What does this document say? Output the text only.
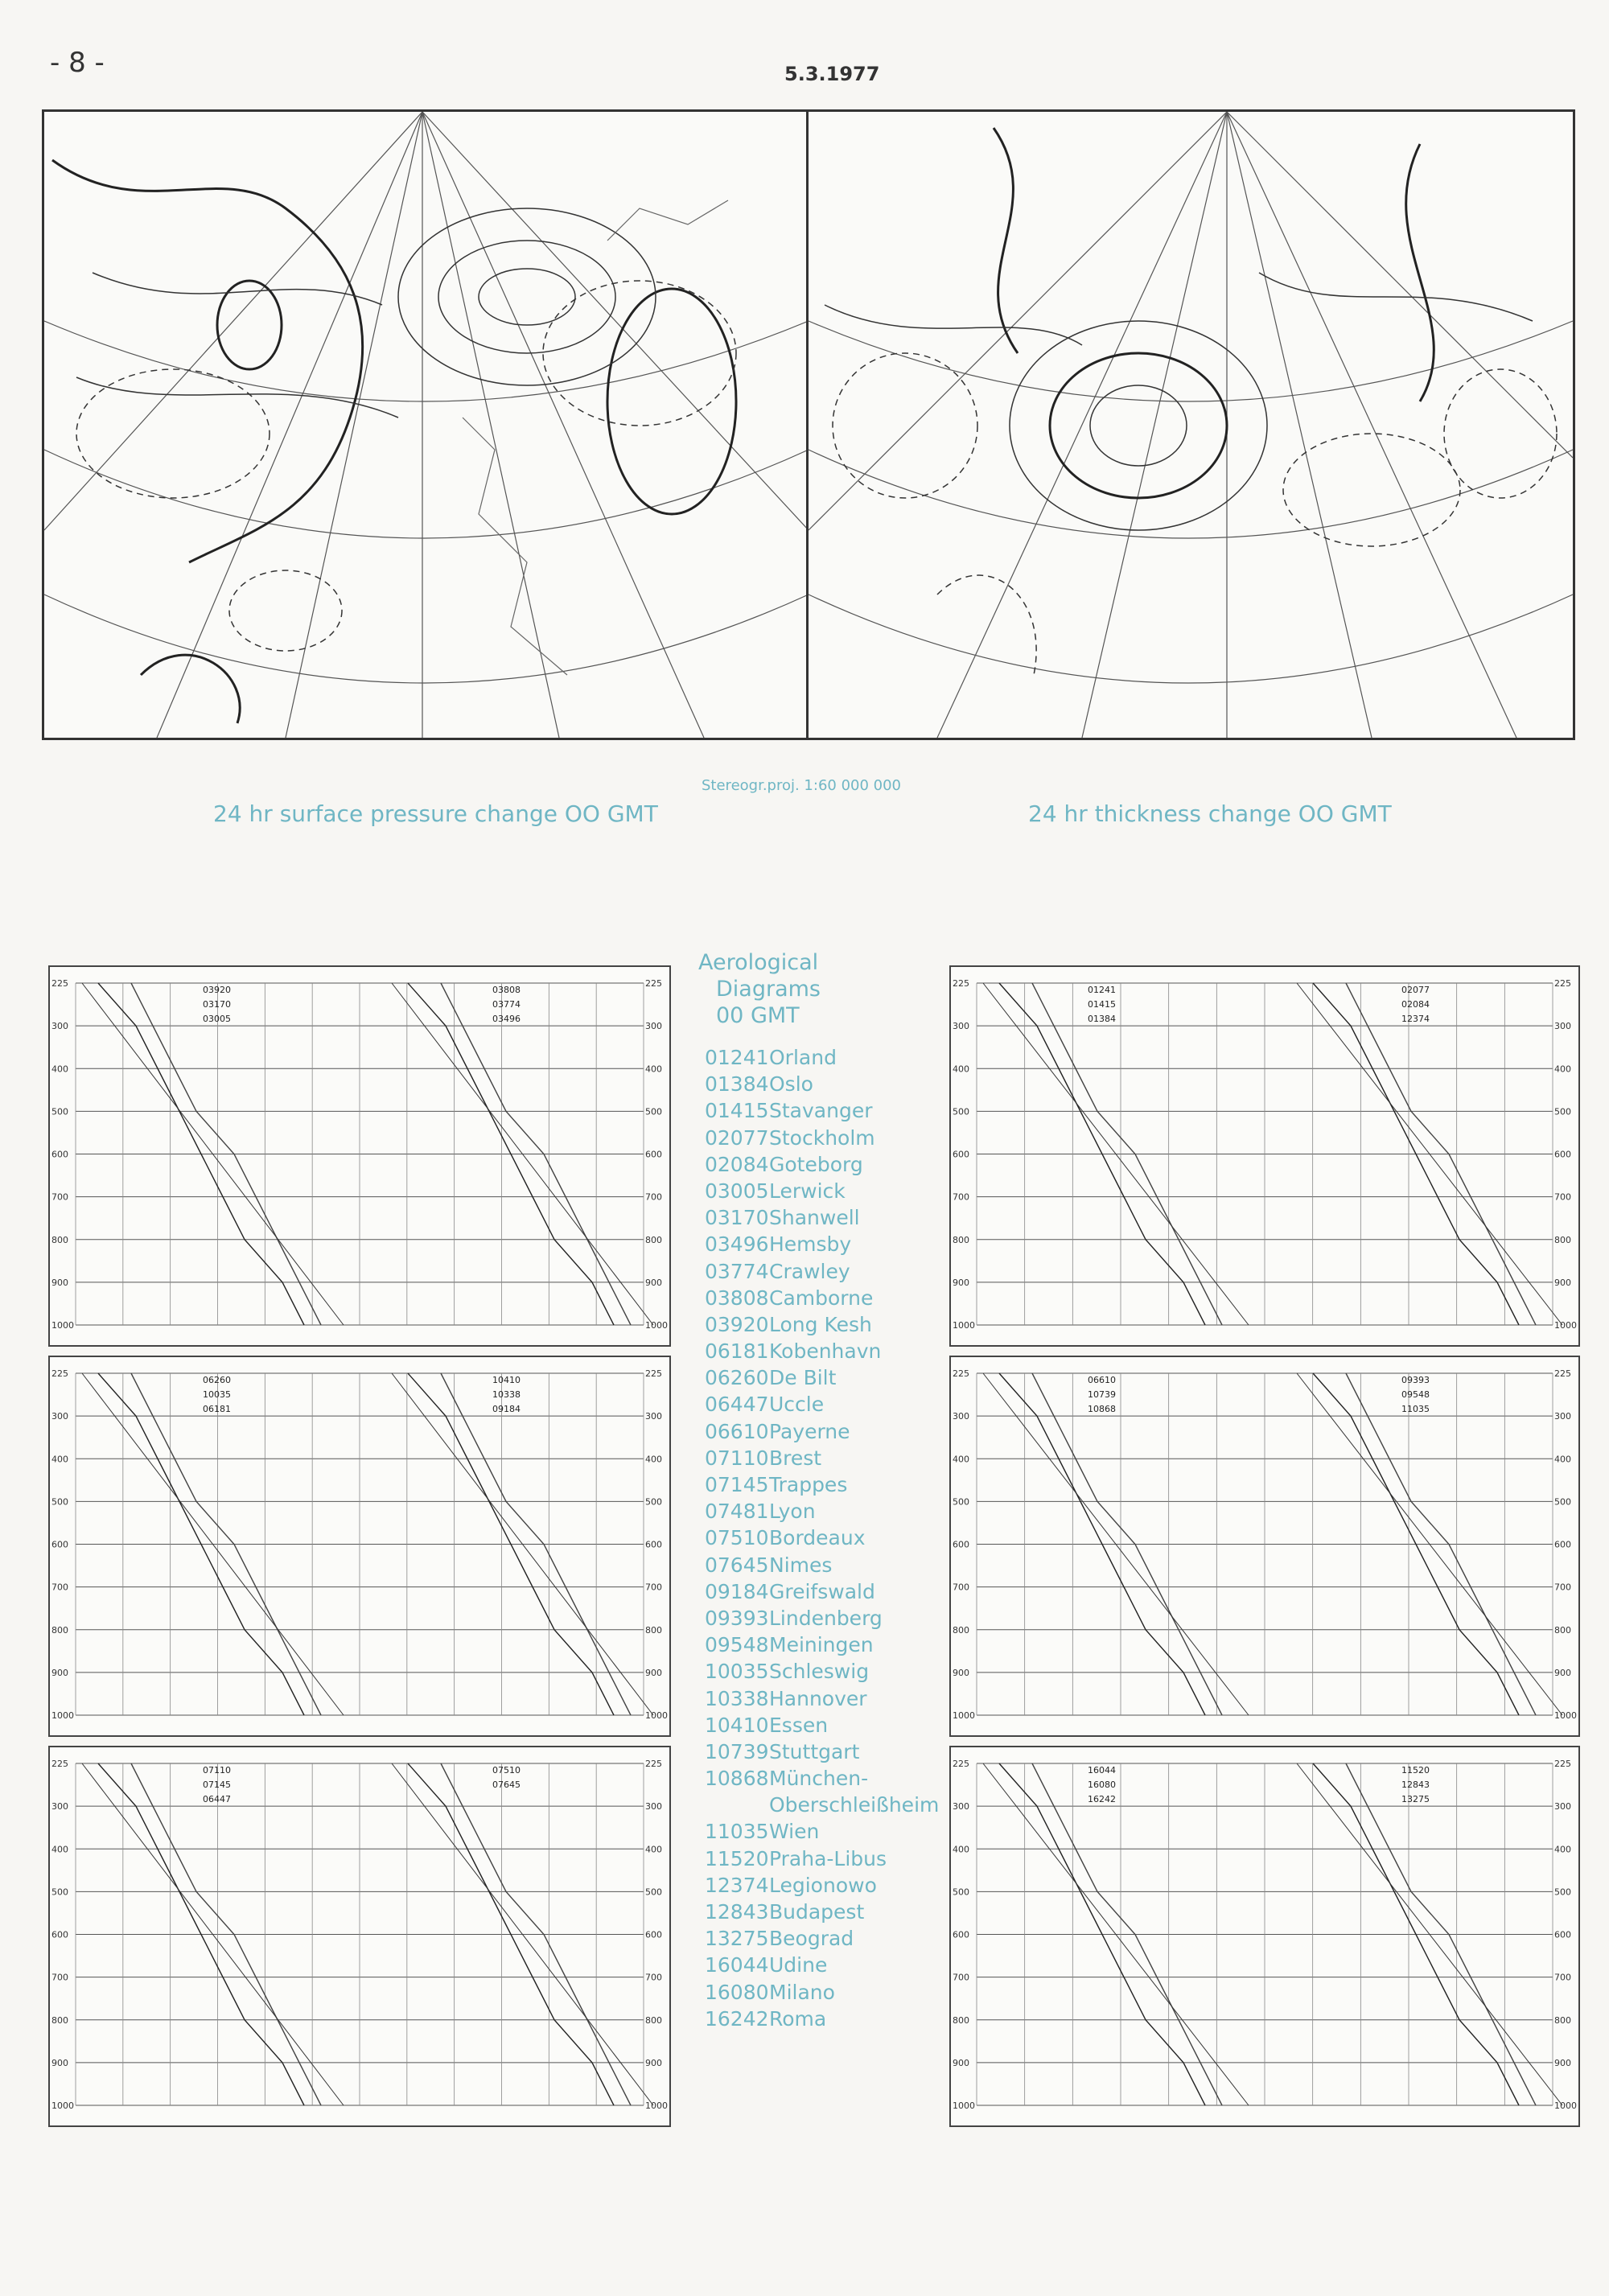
- 8 -	5.3.1977
24 hr surface pressure change OO GMT
Stereogr.proj. 1:60 000 000
24 hr thickness change OO GMT
225	225
300	300
400	400
500	500
600	600
700	700
800	800
900	900
1000	1000
03920
03170
03005
03808
03774
03496
225	225
300	300
400	400
500	500
600	600
700	700
800	800
900	900
1000	1000
01241
01415
01384
02077
02084
12374
225	225
300	300
400	400
500	500
600	600
700	700
800	800
900	900
1000	1000
06260
10035
06181
10410
10338
09184
225	225
300	300
400	400
500	500
600	600
700	700
800	800
900	900
1000	1000
06610
10739
10868
09393
09548
11035
225	225
300	300
400	400
500	500
600	600
700	700
800	800
900	900
1000	1000
07110
07145
06447
07510
07645
225	225
300	300
400	400
500	500
600	600
700	700
800	800
900	900
1000	1000
16044
16080
16242
11520
12843
13275
Aerological
Diagrams
00 GMT
01241Orland
01384Oslo
01415Stavanger
02077Stockholm
02084Goteborg
03005Lerwick
03170Shanwell
03496Hemsby
03774Crawley
03808Camborne
03920Long Kesh
06181Kobenhavn
06260De Bilt
06447Uccle
06610Payerne
07110Brest
07145Trappes
07481Lyon
07510Bordeaux
07645Nimes
09184Greifswald
09393Lindenberg
09548Meiningen
10035Schleswig
10338Hannover
10410Essen
10739Stuttgart
10868München-
Oberschleißheim
11035Wien
11520Praha-Libus
12374Legionowo
12843Budapest
13275Beograd
16044Udine
16080Milano
16242Roma
